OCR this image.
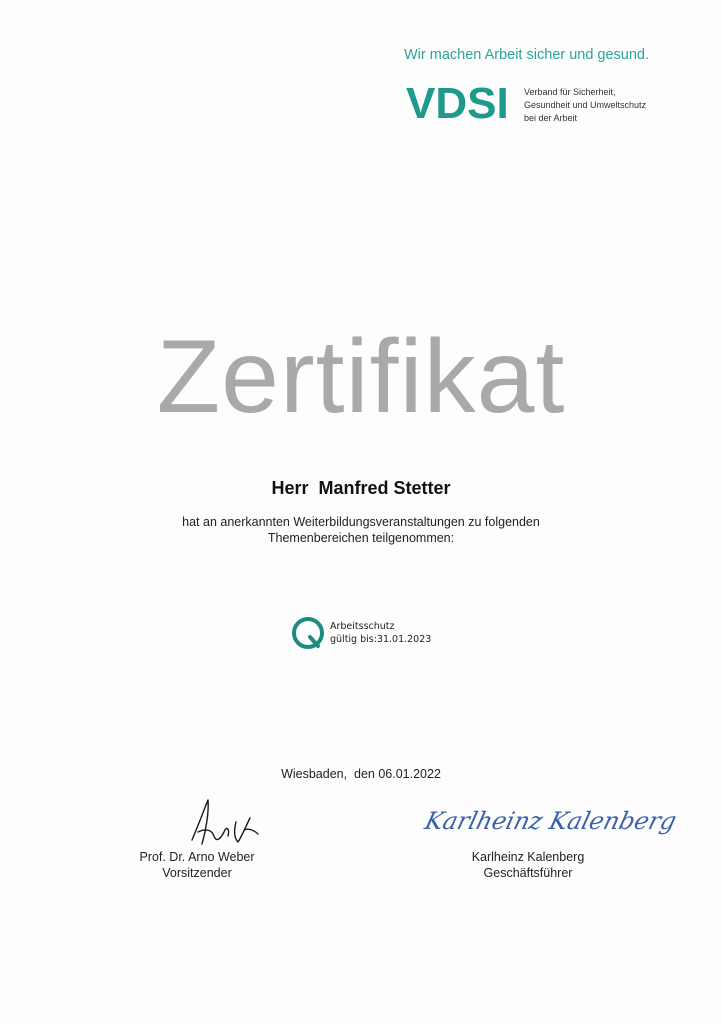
Wir machen Arbeit sicher und gesund.
VDSI Verband für Sicherheit,
Gesundheit und Umweltschutz
bei der Arbeit
Zertifikat
Herr  Manfred Stetter
hat an anerkannten Weiterbildungsveranstaltungen zu folgenden
Themenbereichen teilgenommen:
Arbeitsschutz
gültig bis:31.01.2023
Wiesbaden,  den 06.01.2022
Karlheinz Kalenberg
Prof. Dr. Arno Weber
Vorsitzender
Karlheinz Kalenberg
Geschäftsführer
